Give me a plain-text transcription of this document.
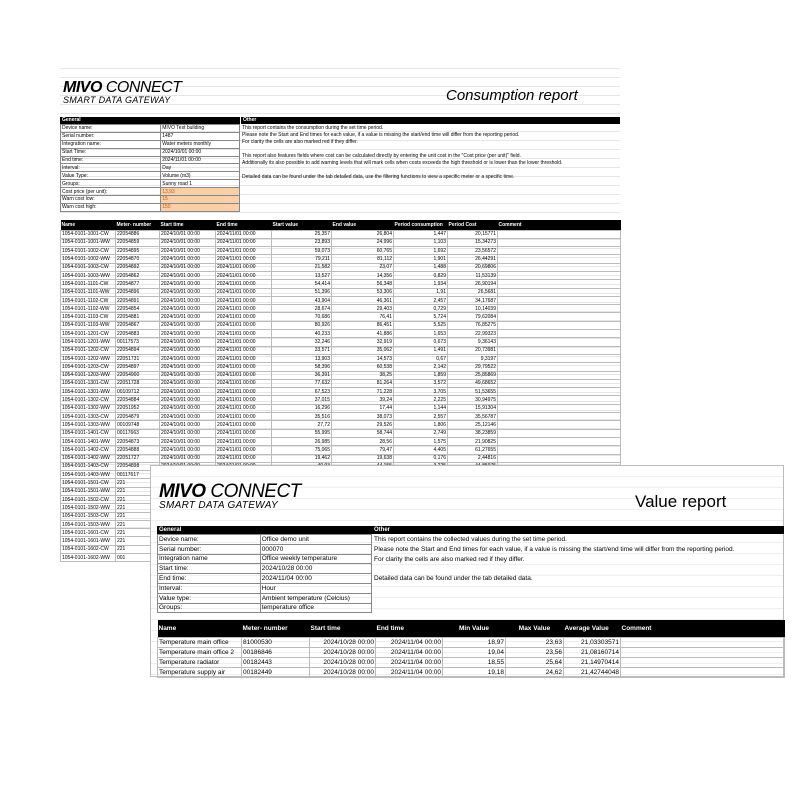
MIVO CONNECT
SMART DATA GATEWAY	Consumption report
General	Other
Device name:	MIVO Test building
Serial number:	1487
Integration name:	Water meters monthly
Start Time:	2024/10/01 00:00
End time:	2024/11/01 00:00
Interval:	Day
Value Type:	Volume (m3)
Groups:	Sunny road 1
Cost price (per unit):	13,93
Warn cost low:	15
Warn cost high:	150
This report contains the consumption during the set time period.
Please note the Start and End times for each value, if a value is missing the start/end time will differ from the reporting period.
For clarity the cells are also marked red if they differ.

This report also features fields where cost can be calculated directly by entering the unit cost in the "Cost price (per unit)" field.
Additionally its also possible to add warning levels that will mark cells when costs exceeds the high threshold or is lower than the lower threshold.

Detailed data can be found under the tab detailed data, use the filtering functions to view a specific meter or a specific time.
Name	Meter- number	Start time	End time	Start value	End value	Period consumption	Period Cost	Comment
1054-0101-1001-CW	22054886	2024/10/01 00:00	2024/11/01 00:00	25,357	26,804	1,447	20,15771	
1054-0101-1001-WW	22054859	2024/10/01 00:00	2024/11/01 00:00	23,893	24,996	1,103	15,34273	
1054-0101-1002-CW	22054895	2024/10/01 00:00	2024/11/01 00:00	59,073	60,765	1,692	23,56572	
1054-0101-1002-WW	22054870	2024/10/01 00:00	2024/11/01 00:00	79,211	81,112	1,901	26,44291	
1054-0101-1003-CW	22054892	2024/10/01 00:00	2024/11/01 00:00	21,582	23,07	1,488	20,69806	
1054-0101-1003-WW	22054862	2024/10/01 00:00	2024/11/01 00:00	13,527	14,356	0,829	11,53139	
1054-0101-1101-CW	22054877	2024/10/01 00:00	2024/11/01 00:00	54,414	56,348	1,934	26,90194	
1054-0101-1101-WW	22054896	2024/10/01 00:00	2024/11/01 00:00	51,396	53,306	1,91	26,5681	
1054-0101-1102-CW	22054891	2024/10/01 00:00	2024/11/01 00:00	43,904	46,361	2,457	34,17687	
1054-0101-1102-WW	22054854	2024/10/01 00:00	2024/11/01 00:00	28,674	29,403	0,729	10,14039	
1054-0101-1103-CW	22054881	2024/10/01 00:00	2024/11/01 00:00	70,686	76,41	5,724	79,62084	
1054-0101-1103-WW	22054867	2024/10/01 00:00	2024/11/01 00:00	80,926	86,451	5,525	76,85275	
1054-0101-1201-CW	22054883	2024/10/01 00:00	2024/11/01 00:00	40,233	41,886	1,653	22,99323	
1054-0101-1201-WW	00117573	2024/10/01 00:00	2024/11/01 00:00	32,246	32,919	0,673	9,36143	
1054-0101-1202-CW	22054894	2024/10/01 00:00	2024/11/01 00:00	33,571	35,062	1,491	20,73981	
1054-0101-1202-WW	22051731	2024/10/01 00:00	2024/11/01 00:00	13,903	14,573	0,67	9,3197	
1054-0101-1203-CW	22054897	2024/10/01 00:00	2024/11/01 00:00	58,396	60,538	2,142	29,79522	
1054-0101-1203-WW	22054900	2024/10/01 00:00	2024/11/01 00:00	36,391	38,25	1,859	25,85869	
1054-0101-1301-CW	22051728	2024/10/01 00:00	2024/11/01 00:00	77,632	81,264	3,572	49,68652	
1054-0101-1301-WW	00109712	2024/10/01 00:00	2024/11/01 00:00	67,523	71,228	3,705	51,53655	
1054-0101-1302-CW	22054884	2024/10/01 00:00	2024/11/01 00:00	37,015	39,24	2,225	30,94975	
1054-0101-1302-WW	22051952	2024/10/01 00:00	2024/11/01 00:00	16,296	17,44	1,144	15,91304	
1054-0101-1303-CW	22054879	2024/10/01 00:00	2024/11/01 00:00	35,516	38,073	2,557	35,56787	
1054-0101-1303-WW	00109748	2024/10/01 00:00	2024/11/01 00:00	27,72	29,526	1,806	25,12146	
1054-0101-1401-CW	00117663	2024/10/01 00:00	2024/11/01 00:00	55,995	58,744	2,749	38,23859	
1054-0101-1401-WW	22054873	2024/10/01 00:00	2024/11/01 00:00	26,985	28,56	1,575	21,90825	
1054-0101-1402-CW	22054888	2024/10/01 00:00	2024/11/01 00:00	75,065	79,47	4,405	61,27655	
1054-0101-1402-WW	22051727	2024/10/01 00:00	2024/11/01 00:00	19,462	19,638	0,176	2,44816	
1054-0101-1403-CW	22054898							
1054-0101-1403-WW	00117617							
1054-0101-1501-CW	221							
1054-0101-1501-WW	221							
1054-0101-1502-CW	221							
1054-0101-1502-WW	221							
1054-0101-1503-CW	221							
1054-0101-1503-WW	221							
1054-0101-1601-CW	221							
1054-0101-1601-WW	221							
1054-0101-1602-CW	221							
1054-0101-1602-WW	001							
MIVO CONNECT
SMART DATA GATEWAY	Value report
General	Other
Device name:	Office demo unit
Serial number:	000070
Integration name	Office weekly temperature
Start time:	2024/10/28 00:00
End time:	2024/11/04 00:00
Interval:	Hour
Value type:	Ambient temperature (Celcius)
Groups:	temperature office
This report contains the collected values during the set time period.
Please note the Start and End times for each value, if a value is missing the start/end time will differ from the reporting period.
For clarity the cells are also marked red if they differ.

Detailed data can be found under the tab detailed data.
Name	Meter- number	Start time	End time	Min Value	Max Value	Average Value	Comment
Temperature main office	81000530	2024/10/28 00:00	2024/11/04 00:00	18,97	23,63	21,03303571	
Temperature main office 2	00186846	2024/10/28 00:00	2024/11/04 00:00	19,04	23,56	21,08160714	
Temperature radiator	00182443	2024/10/28 00:00	2024/11/04 00:00	18,55	25,64	21,14970414	
Temperature supply air	00182449	2024/10/28 00:00	2024/11/04 00:00	19,18	24,62	21,42744048	
